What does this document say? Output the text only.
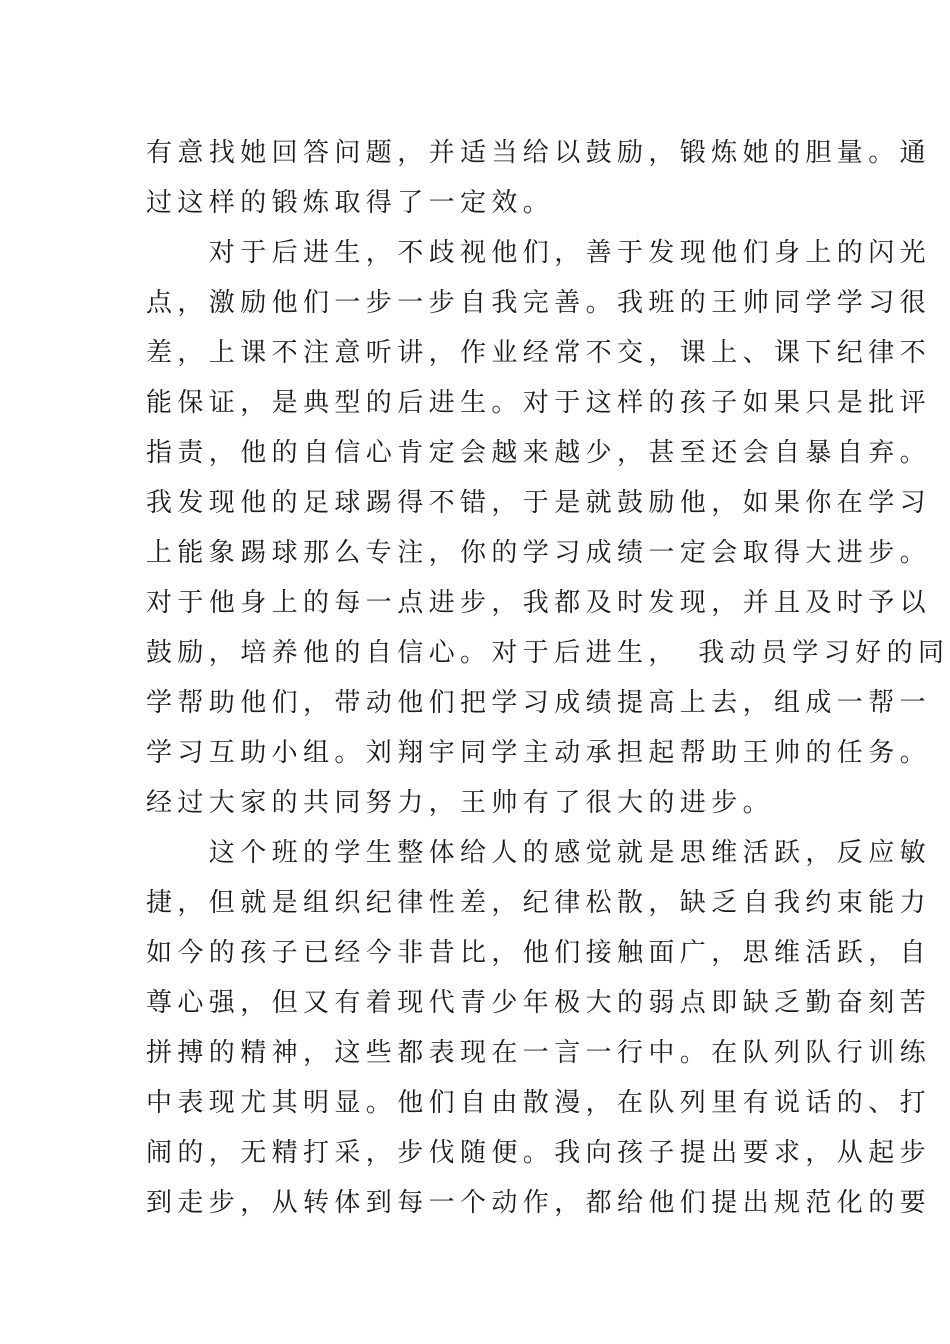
有意找她回答问题，并适当给以鼓励，锻炼她的胆量。通
过这样的锻炼取得了一定效。
　　对于后进生，不歧视他们，善于发现他们身上的闪光
点，激励他们一步一步自我完善。我班的王帅同学学习很
差，上课不注意听讲，作业经常不交，课上、课下纪律不
能保证，是典型的后进生。对于这样的孩子如果只是批评
指责，他的自信心肯定会越来越少，甚至还会自暴自弃。
我发现他的足球踢得不错，于是就鼓励他，如果你在学习
上能象踢球那么专注，你的学习成绩一定会取得大进步。
对于他身上的每一点进步，我都及时发现，并且及时予以
鼓励，培养他的自信心。对于后进生，　我动员学习好的同
学帮助他们，带动他们把学习成绩提高上去，组成一帮一
学习互助小组。刘翔宇同学主动承担起帮助王帅的任务。
经过大家的共同努力，王帅有了很大的进步。
　　这个班的学生整体给人的感觉就是思维活跃，反应敏
捷，但就是组织纪律性差，纪律松散，缺乏自我约束能力
如今的孩子已经今非昔比，他们接触面广，思维活跃，自
尊心强，但又有着现代青少年极大的弱点即缺乏勤奋刻苦
拼搏的精神，这些都表现在一言一行中。在队列队行训练
中表现尤其明显。他们自由散漫，在队列里有说话的、打
闹的，无精打采，步伐随便。我向孩子提出要求，从起步
到走步，从转体到每一个动作，都给他们提出规范化的要
